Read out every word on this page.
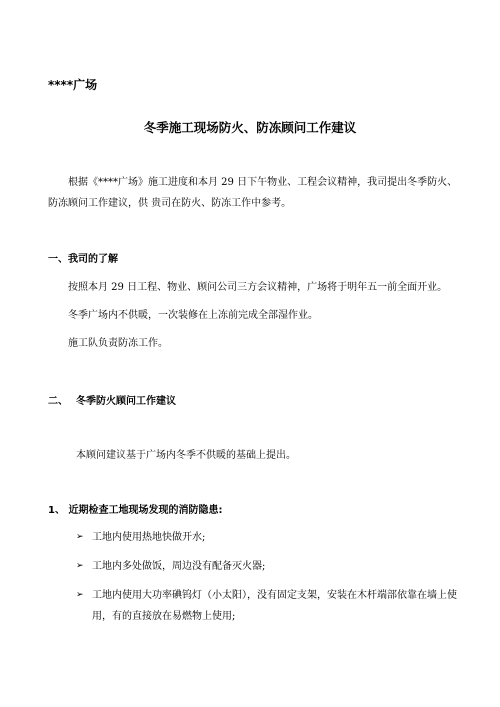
****广场
冬季施工现场防火、防冻顾问工作建议
根据《****广场》施工进度和本月 29 日下午物业、工程会议精神，我司提出冬季防火、防冻顾问工作建议，供 贵司在防火、防冻工作中参考。
一、我司的了解
按照本月 29 日工程、物业、顾问公司三方会议精神，广场将于明年五一前全面开业。
冬季广场内不供暖，一次装修在上冻前完成全部湿作业。
施工队负责防冻工作。
二、 冬季防火顾问工作建议
本顾问建议基于广场内冬季不供暖的基础上提出。
1、 近期检查工地现场发现的消防隐患:
➢ 工地内使用热地快做开水;
➢ 工地内多处做饭，周边没有配备灭火器;
➢ 工地内使用大功率碘钨灯（小太阳），没有固定支架，安装在木杆端部依靠在墙上使用，有的直接放在易燃物上使用;
